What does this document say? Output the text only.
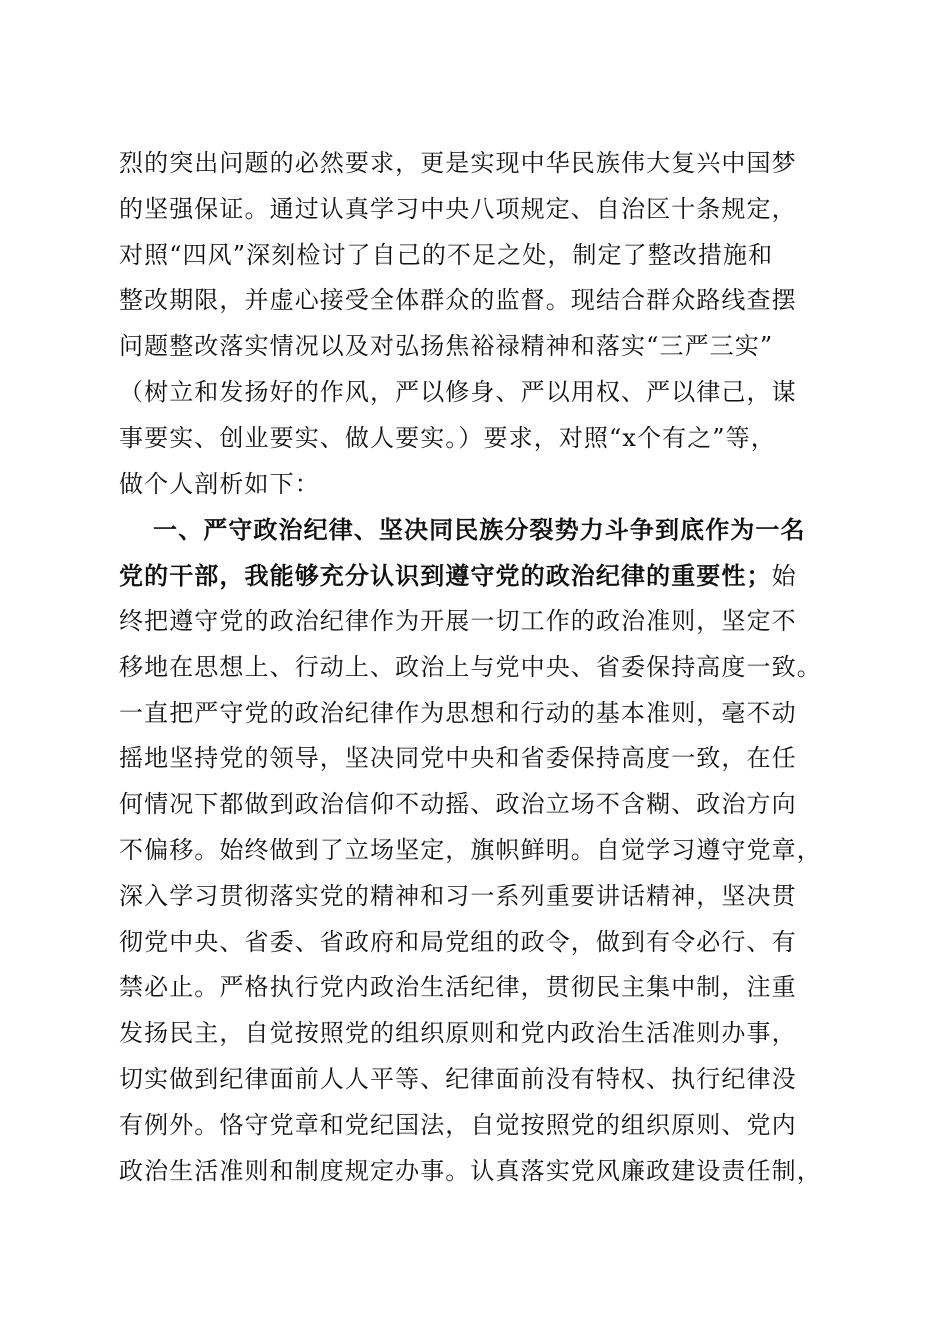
烈的突出问题的必然要求，更是实现中华民族伟大复兴中国梦
的坚强保证。通过认真学习中央八项规定、自治区十条规定，
对照“四风”深刻检讨了自己的不足之处，制定了整改措施和
整改期限，并虚心接受全体群众的监督。现结合群众路线查摆
问题整改落实情况以及对弘扬焦裕禄精神和落实“三严三实”
（树立和发扬好的作风，严以修身、严以用权、严以律己，谋
事要实、创业要实、做人要实。）要求，对照“x个有之”等，
做个人剖析如下：
一、严守政治纪律、坚决同民族分裂势力斗争到底作为一名
党的干部，我能够充分认识到遵守党的政治纪律的重要性；始
终把遵守党的政治纪律作为开展一切工作的政治准则，坚定不
移地在思想上、行动上、政治上与党中央、省委保持高度一致。
一直把严守党的政治纪律作为思想和行动的基本准则，毫不动
摇地坚持党的领导，坚决同党中央和省委保持高度一致，在任
何情况下都做到政治信仰不动摇、政治立场不含糊、政治方向
不偏移。始终做到了立场坚定，旗帜鲜明。自觉学习遵守党章，
深入学习贯彻落实党的精神和习一系列重要讲话精神，坚决贯
彻党中央、省委、省政府和局党组的政令，做到有令必行、有
禁必止。严格执行党内政治生活纪律，贯彻民主集中制，注重
发扬民主，自觉按照党的组织原则和党内政治生活准则办事，
切实做到纪律面前人人平等、纪律面前没有特权、执行纪律没
有例外。恪守党章和党纪国法，自觉按照党的组织原则、党内
政治生活准则和制度规定办事。认真落实党风廉政建设责任制，
